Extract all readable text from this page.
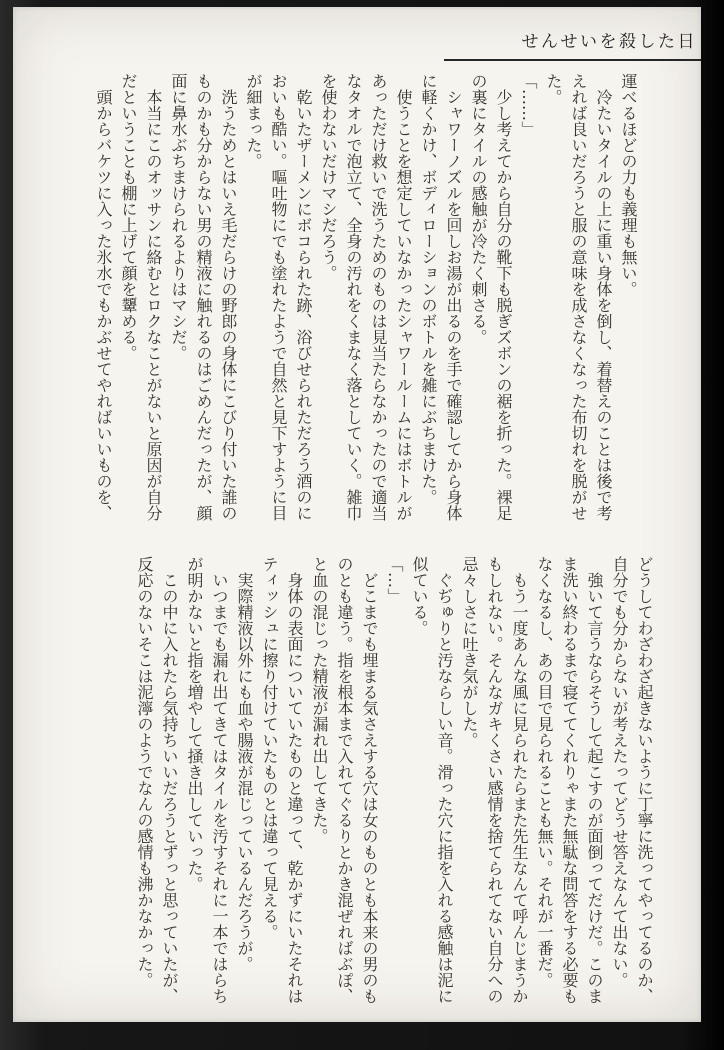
せんせいを殺した日

運べるほどの力も義理も無い。

　冷たいタイルの上に重い身体を倒し、着替えのことは後で考えれば良いだろうと服の意味を成さなくなった布切れを脱がせた。

「……」

　少し考えてから自分の靴下も脱ぎズボンの裾を折った。裸足の裏にタイルの感触が冷たく刺さる。

　シャワーノズルを回しお湯が出るのを手で確認してから身体に軽くかけ、ボディローションのボトルを雑にぶちまけた。

　使うことを想定していなかったシャワールームにはボトルがあっただけ救いで洗うためのものは見当たらなかったので適当なタオルで泡立て、全身の汚れをくまなく落としていく。雑巾を使わないだけマシだろう。

　乾いたザーメンにボコられた跡、浴びせられただろう酒のにおいも酷い。嘔吐物にでも塗れたようで自然と見下すように目が細まった。

　洗うためとはいえ毛だらけの野郎の身体にこびり付いた誰のものかも分からない男の精液に触れるのはごめんだったが、顔面に鼻水ぶちまけられるよりはマシだ。

　本当にこのオッサンに絡むとロクなことがないと原因が自分だということも棚に上げて顔を顰める。

　頭からバケツに入った氷水でもかぶせてやればいいものを、

どうしてわざわざ起きないように丁寧に洗ってやってるのか、自分でも分からないが考えたってどうせ答えなんて出ない。

　強いて言うならそうして起こすのが面倒ってだけだ。このまま洗い終わるまで寝ててくれりゃまた無駄な問答をする必要もなくなるし、あの目で見られることも無い。それが一番だ。

　もう一度あんな風に見られたらまた先生なんて呼んじまうかもしれない。そんなガキくさい感情を捨てられてない自分への忌々しさに吐き気がした。

　ぐぢゅりと汚ならしい音。滑った穴に指を入れる感触は泥に似ている。

「…」

　どこまでも埋まる気さえする穴は女のものとも本来の男のものとも違う。指を根本まで入れてぐるりとかき混ぜればぶぽ、と血の混じった精液が漏れ出してきた。

　身体の表面についていたものと違って、乾かずにいたそれはティッシュに擦り付けていたものとは違って見える。

　実際精液以外にも血や腸液が混じっているんだろうが。

　いつまでも漏れ出てきてはタイルを汚すそれに一本ではらちが明かないと指を増やして掻き出していった。

　この中に入れたら気持ちいいだろうとずっと思っていたが、反応のないそこは泥濘のようでなんの感情も沸かなかった。
